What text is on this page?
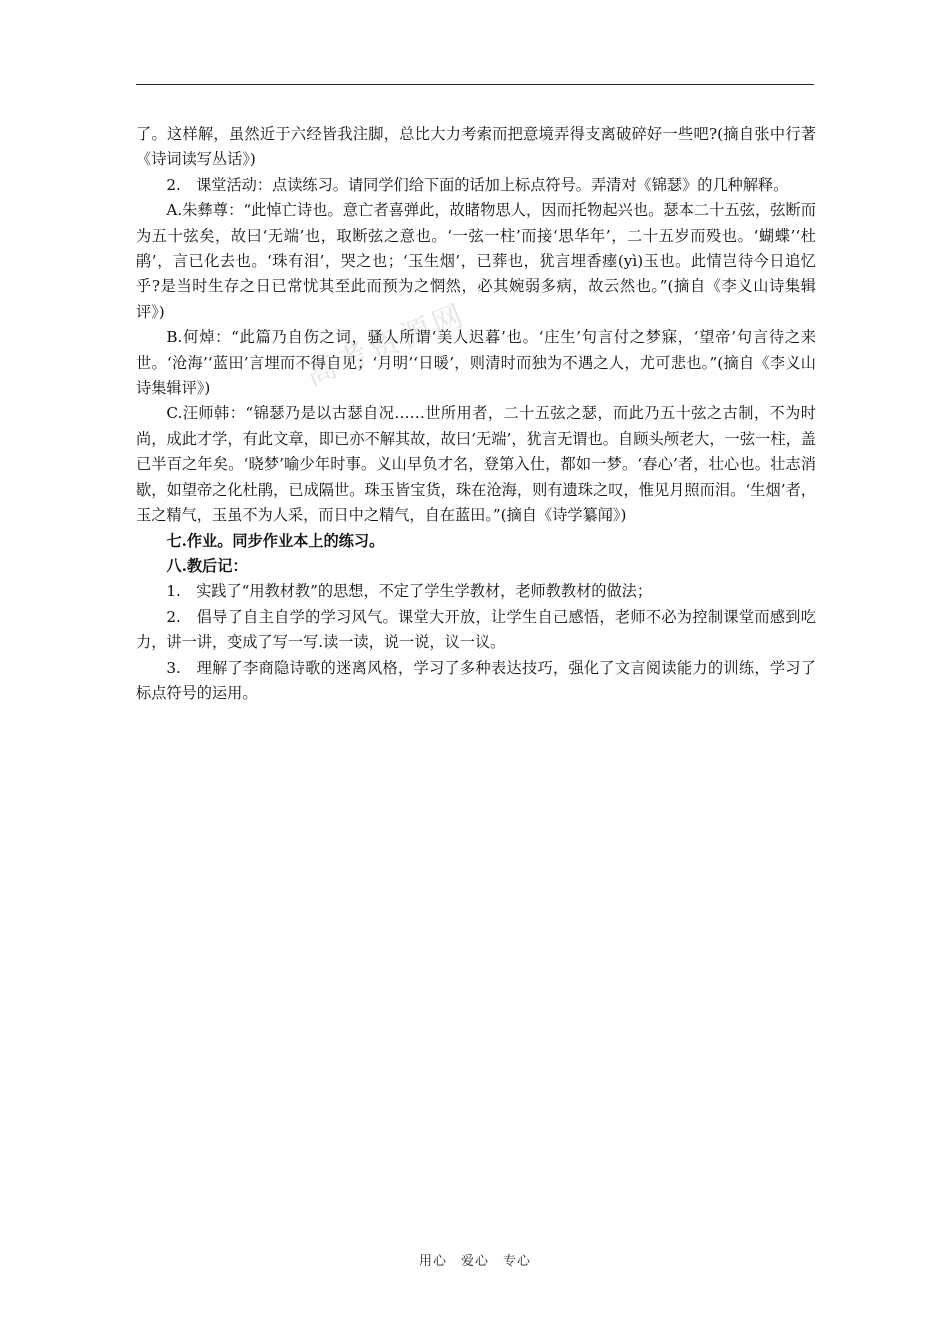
高考资源网

了。这样解，虽然近于六经皆我注脚，总比大力考索而把意境弄得支离破碎好一些吧?(摘自张中行著《诗词读写丛话》)

2.　课堂活动：点读练习。请同学们给下面的话加上标点符号。弄清对《锦瑟》的几种解释。

A.朱彝尊：“此悼亡诗也。意亡者喜弹此，故睹物思人，因而托物起兴也。瑟本二十五弦，弦断而为五十弦矣，故曰‘无端’也，取断弦之意也。‘一弦一柱’而接‘思华年’，二十五岁而殁也。‘蝴蝶’‘杜鹃’，言已化去也。‘珠有泪’，哭之也；‘玉生烟’，已葬也，犹言埋香瘗(yì)玉也。此情岂待今日追忆乎?是当时生存之日已常忧其至此而预为之惘然，必其婉弱多病，故云然也。”(摘自《李义山诗集辑评》)

B.何焯：“此篇乃自伤之词，骚人所谓‘美人迟暮’也。‘庄生’句言付之梦寐，‘望帝’句言待之来世。‘沧海’‘蓝田’言埋而不得自见；‘月明’‘日暖’，则清时而独为不遇之人，尤可悲也。”(摘自《李义山诗集辑评》)

C.汪师韩：“锦瑟乃是以古瑟自况……世所用者，二十五弦之瑟，而此乃五十弦之古制，不为时尚，成此才学，有此文章，即已亦不解其故，故曰‘无端’，犹言无谓也。自顾头颅老大，一弦一柱，盖已半百之年矣。‘晓梦’喻少年时事。义山早负才名，登第入仕，都如一梦。‘春心’者，壮心也。壮志消歇，如望帝之化杜鹃，已成隔世。珠玉皆宝货，珠在沧海，则有遗珠之叹，惟见月照而泪。‘生烟’者，玉之精气，玉虽不为人采，而日中之精气，自在蓝田。”(摘自《诗学纂闻》)

七.作业。同步作业本上的练习。

八.教后记：

1.　实践了“用教材教”的思想，不定了学生学教材，老师教教材的做法；

2.　倡导了自主自学的学习风气。课堂大开放，让学生自己感悟，老师不必为控制课堂而感到吃力，讲一讲，变成了写一写.读一读，说一说，议一议。

3.　理解了李商隐诗歌的迷离风格，学习了多种表达技巧，强化了文言阅读能力的训练，学习了标点符号的运用。

用心　爱心　专心
